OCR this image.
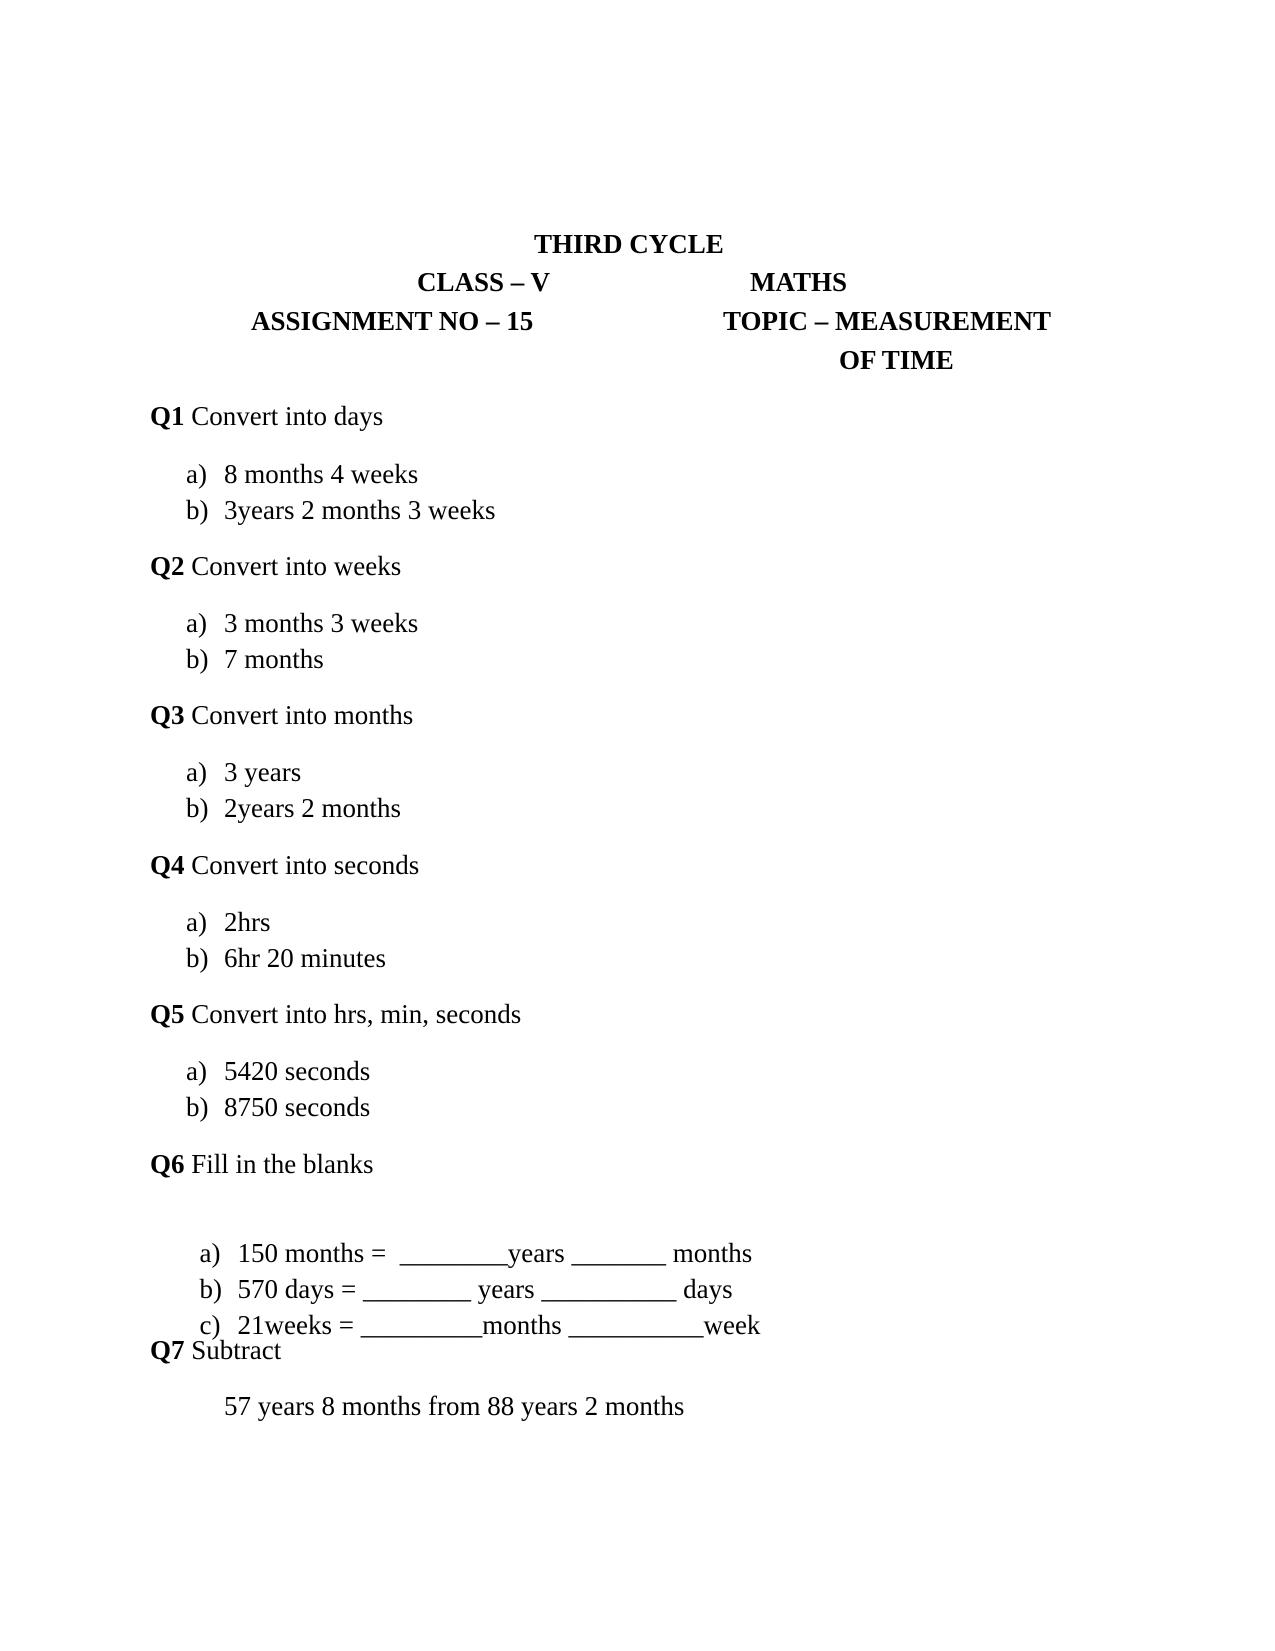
THIRD CYCLE
CLASS – V	MATHS
ASSIGNMENT NO – 15	TOPIC – MEASUREMENT
OF TIME
Q1 Convert into days
a) 8 months 4 weeks
b) 3years 2 months 3 weeks
Q2 Convert into weeks
a) 3 months 3 weeks
b) 7 months
Q3 Convert into months
a) 3 years
b) 2years 2 months
Q4 Convert into seconds
a) 2hrs
b) 6hr 20 minutes
Q5 Convert into hrs, min, seconds
a) 5420 seconds
b) 8750 seconds
Q6 Fill in the blanks

a) 150 months =  ________years _______ months

b) 570 days = ________ years __________ days

c) 21weeks = _________months __________week

Q7 Subtract
57 years 8 months from 88 years 2 months
